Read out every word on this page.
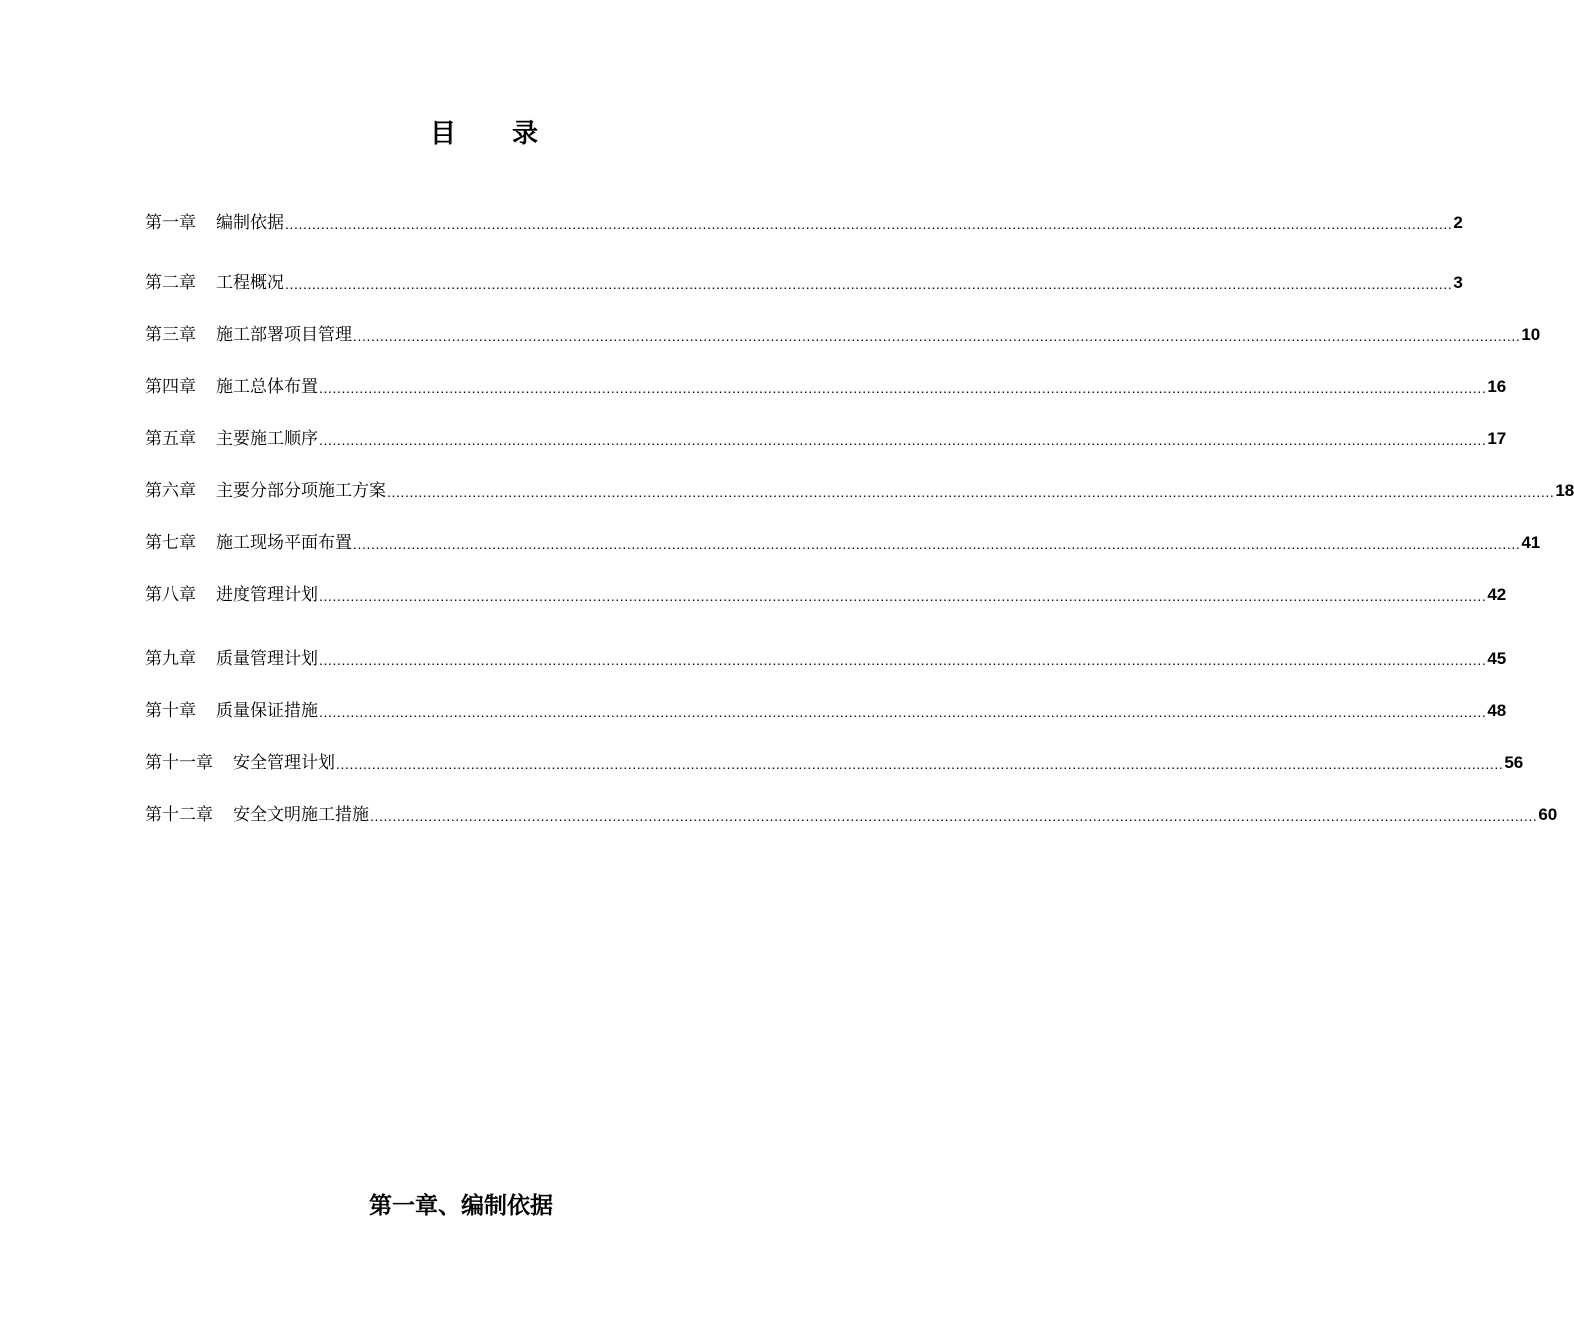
目录
第一章 编制依据 .................................................................................................................................................................................................................................................................... 2
第二章 工程概况 .................................................................................................................................................................................................................................................................... 3
第三章 施工部署项目管理 .................................................................................................................................................................................................................................................................... 10
第四章 施工总体布置 .................................................................................................................................................................................................................................................................... 16
第五章 主要施工顺序 .................................................................................................................................................................................................................................................................... 17
第六章 主要分部分项施工方案 .................................................................................................................................................................................................................................................................... 18
第七章 施工现场平面布置 .................................................................................................................................................................................................................................................................... 41
第八章 进度管理计划 .................................................................................................................................................................................................................................................................... 42
第九章 质量管理计划 .................................................................................................................................................................................................................................................................... 45
第十章 质量保证措施 .................................................................................................................................................................................................................................................................... 48
第十一章 安全管理计划 .................................................................................................................................................................................................................................................................... 56
第十二章 安全文明施工措施 .................................................................................................................................................................................................................................................................... 60
第一章、编制依据
